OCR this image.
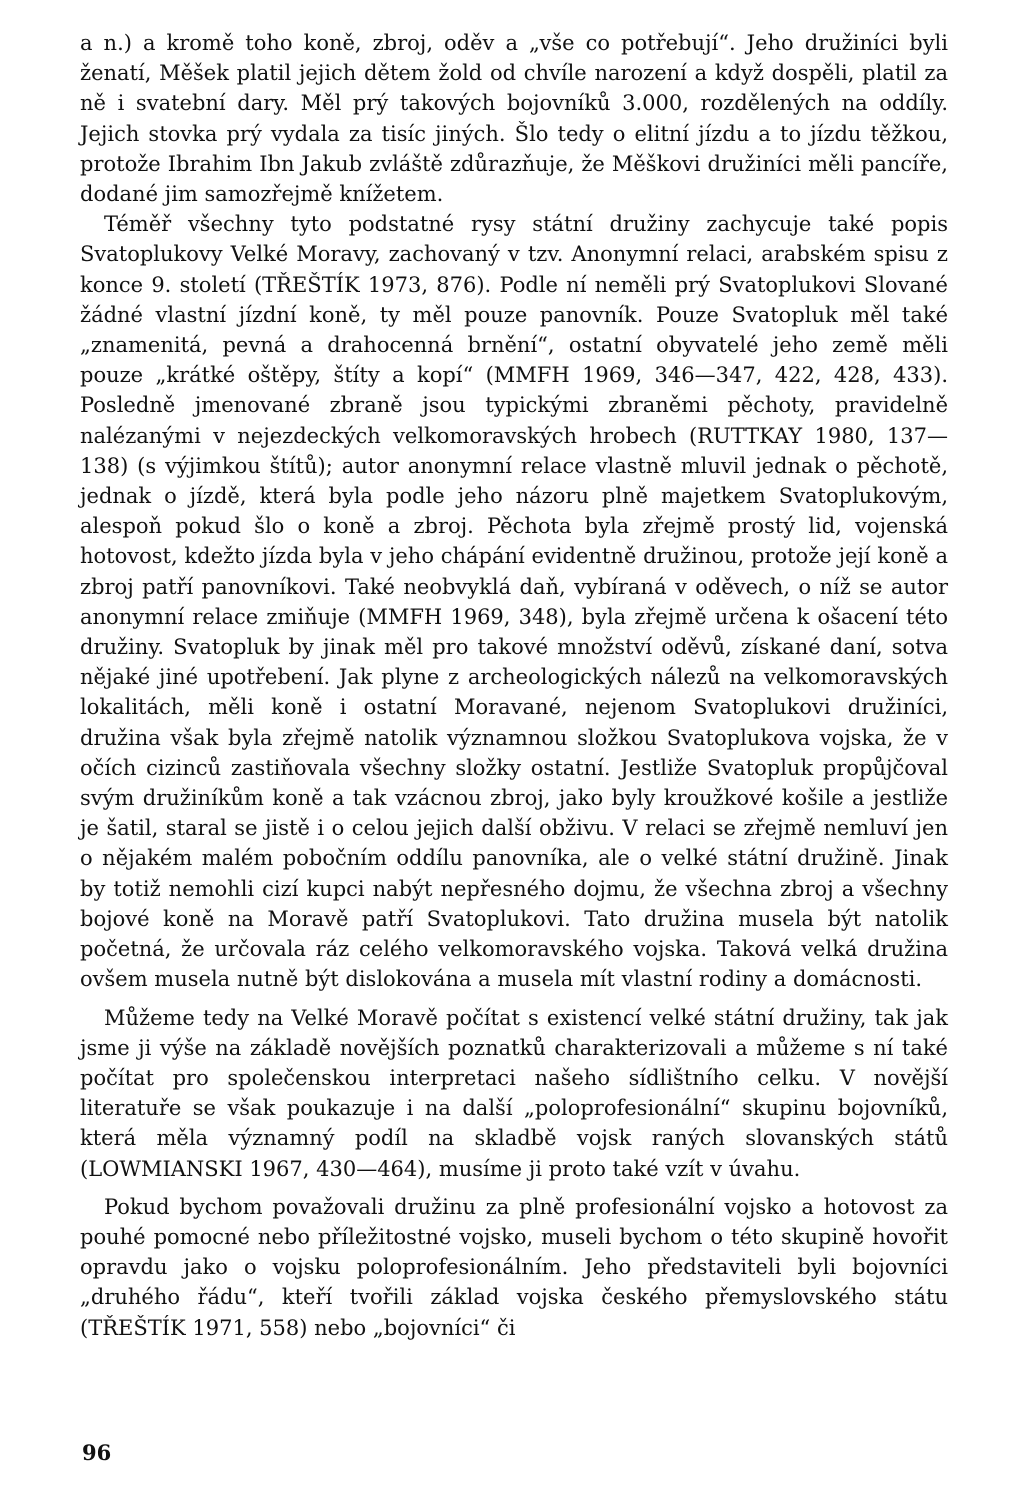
a n.) a kromě toho koně, zbroj, oděv a „vše co potřebují“. Jeho družiníci byli ženatí, Měšek platil jejich dětem žold od chvíle narození a když dospěli, platil za ně i svatební dary. Měl prý takových bojovníků 3.000, rozdělených na oddíly. Jejich stovka prý vydala za tisíc jiných. Šlo tedy o elitní jízdu a to jízdu těžkou, protože Ibrahim Ibn Jakub zvláště zdůrazňuje, že Měškovi družiníci měli pancíře, dodané jim samozřejmě knížetem.

Téměř všechny tyto podstatné rysy státní družiny zachycuje také popis Svatoplukovy Velké Moravy, zachovaný v tzv. Anonymní relaci, arabském spisu z konce 9. století (TŘEŠTÍK 1973, 876). Podle ní neměli prý Svatoplukovi Slované žádné vlastní jízdní koně, ty měl pouze panovník. Pouze Svatopluk měl také „znamenitá, pevná a drahocenná brnění“, ostatní obyvatelé jeho země měli pouze „krátké oštěpy, štíty a kopí“ (MMFH 1969, 346—347, 422, 428, 433). Posledně jmenované zbraně jsou typickými zbraněmi pěchoty, pravidelně nalézanými v nejezdeckých velkomoravských hrobech (RUTTKAY 1980, 137—138) (s výjimkou štítů); autor anonymní relace vlastně mluvil jednak o pěchotě, jednak o jízdě, která byla podle jeho názoru plně majetkem Svatoplukovým, alespoň pokud šlo o koně a zbroj. Pěchota byla zřejmě prostý lid, vojenská hotovost, kdežto jízda byla v jeho chápání evidentně družinou, protože její koně a zbroj patří panovníkovi. Také neobvyklá daň, vybíraná v oděvech, o níž se autor anonymní relace zmiňuje (MMFH 1969, 348), byla zřejmě určena k ošacení této družiny. Svatopluk by jinak měl pro takové množství oděvů, získané daní, sotva nějaké jiné upotřebení. Jak plyne z archeologických nálezů na velkomoravských lokalitách, měli koně i ostatní Moravané, nejenom Svatoplukovi družiníci, družina však byla zřejmě natolik významnou složkou Svatoplukova vojska, že v očích cizinců zastiňovala všechny složky ostatní. Jestliže Svatopluk propůjčoval svým družiníkům koně a tak vzácnou zbroj, jako byly kroužkové košile a jestliže je šatil, staral se jistě i o celou jejich další obživu. V relaci se zřejmě nemluví jen o nějakém malém pobočním oddílu panovníka, ale o velké státní družině. Jinak by totiž nemohli cizí kupci nabýt nepřesného dojmu, že všechna zbroj a všechny bojové koně na Moravě patří Svatoplukovi. Tato družina musela být natolik početná, že určovala ráz celého velkomoravského vojska. Taková velká družina ovšem musela nutně být dislokována a musela mít vlastní rodiny a domácnosti.

Můžeme tedy na Velké Moravě počítat s existencí velké státní družiny, tak jak jsme ji výše na základě novějších poznatků charakterizovali a můžeme s ní také počítat pro společenskou interpretaci našeho sídlištního celku. V novější literatuře se však poukazuje i na další „poloprofesionální“ skupinu bojovníků, která měla významný podíl na skladbě vojsk raných slovanských států (LOWMIANSKI 1967, 430—464), musíme ji proto také vzít v úvahu.

Pokud bychom považovali družinu za plně profesionální vojsko a hotovost za pouhé pomocné nebo příležitostné vojsko, museli bychom o této skupině hovořit opravdu jako o vojsku poloprofesionálním. Jeho představiteli byli bojovníci „druhého řádu“, kteří tvořili základ vojska českého přemyslovského státu (TŘEŠTÍK 1971, 558) nebo „bojovníci“ či

96
